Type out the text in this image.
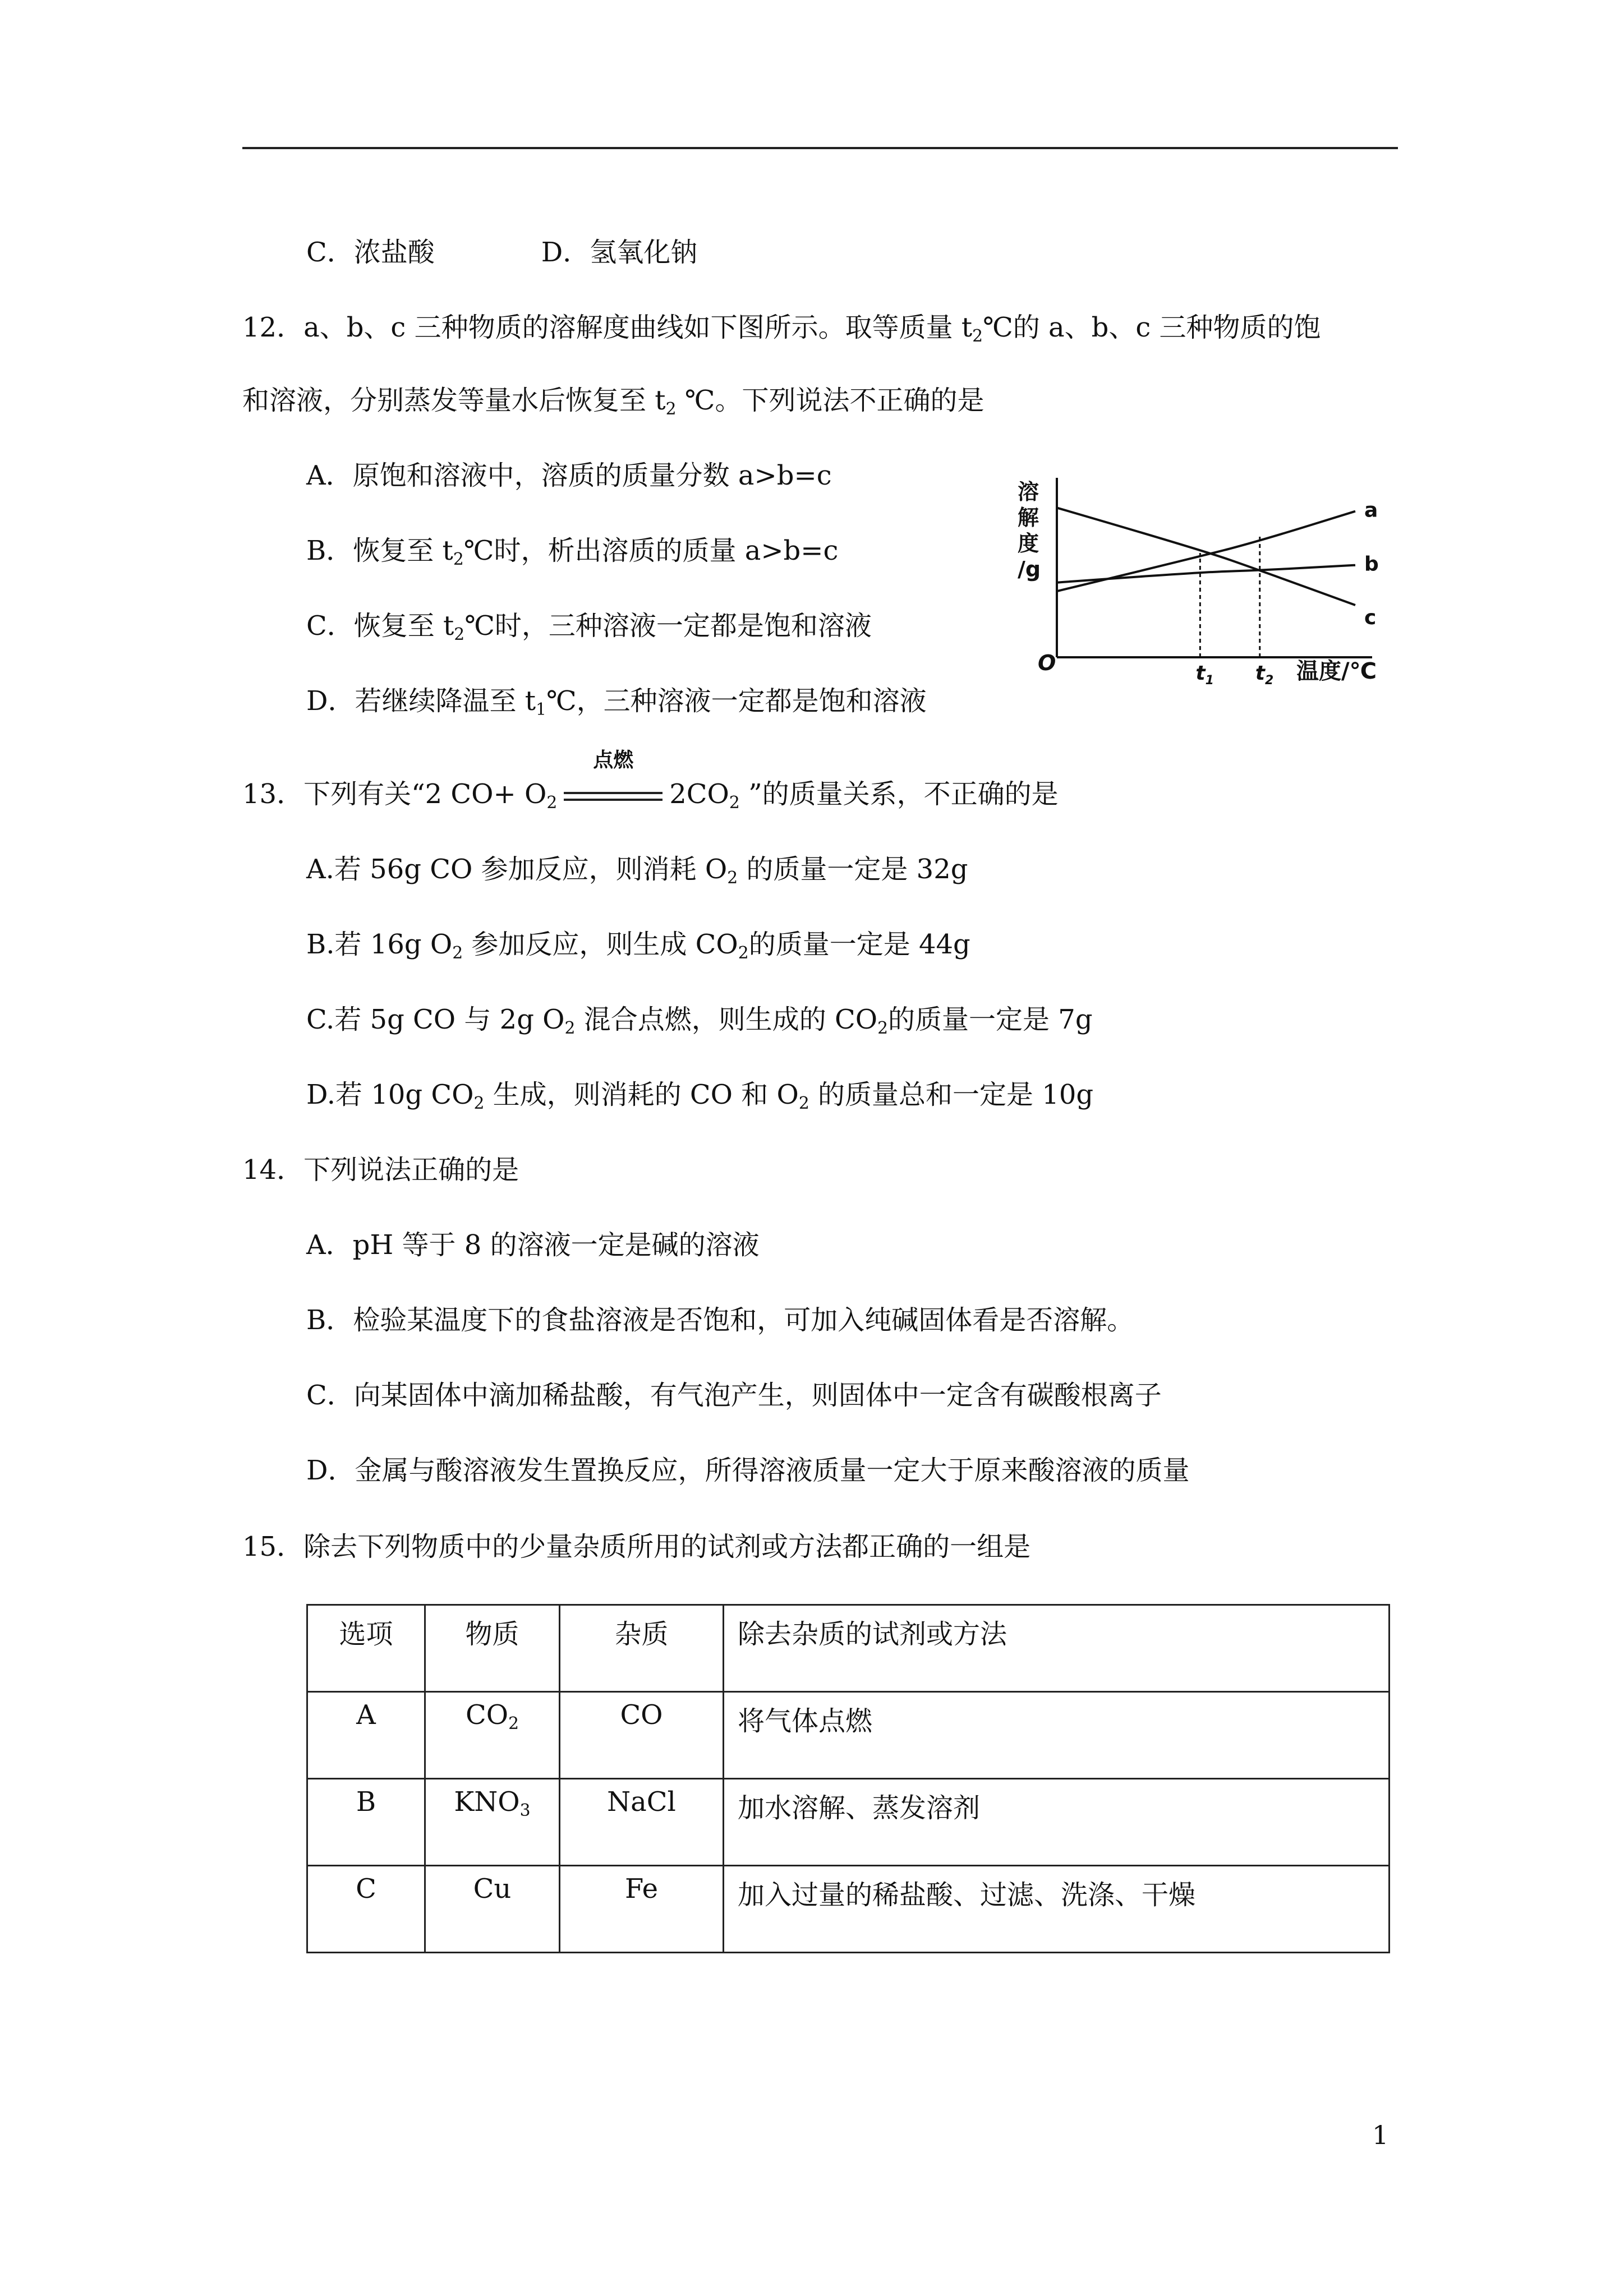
C．浓盐酸	D．氢氧化钠
12．a、b、c 三种物质的溶解度曲线如下图所示。取等质量 $t_2℃$的 a、b、c 三种物质的饱
和溶液，分别蒸发等量水后恢复至 $t_2$ ℃。下列说法不正确的是
A．原饱和溶液中，溶质的质量分数 a>b=c
B．恢复至 $t_2℃$时，析出溶质的质量 a>b=c
C．恢复至 $t_2℃$时，三种溶液一定都是饱和溶液
D．若继续降温至 $t_1℃$，三种溶液一定都是饱和溶液
溶
解
度
/g
O	温度/℃
a
b
c
$t_1$ $t_2$
13．下列有关“2 $CO+ O_2$
点燃
$2CO_2$ ”的质量关系，不正确的是
A.若 56g CO 参加反应，则消耗 $O_2$ 的质量一定是 32g
B.若 16g $O_2$ 参加反应，则生成 $CO_2$的质量一定是 44g
C.若 5g CO 与 2g $O_2$ 混合点燃，则生成的 $CO_2$的质量一定是 7g
D.若 10g $CO_2$ 生成，则消耗的 CO 和 $O_2$ 的质量总和一定是 10g
14．下列说法正确的是
A．pH 等于 8 的溶液一定是碱的溶液
B．检验某温度下的食盐溶液是否饱和，可加入纯碱固体看是否溶解。
C．向某固体中滴加稀盐酸，有气泡产生，则固体中一定含有碳酸根离子
D．金属与酸溶液发生置换反应，所得溶液质量一定大于原来酸溶液的质量
15．除去下列物质中的少量杂质所用的试剂或方法都正确的一组是
选项	物质	杂质	除去杂质的试剂或方法
A	$CO_2$	CO	将气体点燃
B	$KNO_3$	NaCl	加水溶解、蒸发溶剂
C	Cu	Fe	加入过量的稀盐酸、过滤、洗涤、干燥
1
